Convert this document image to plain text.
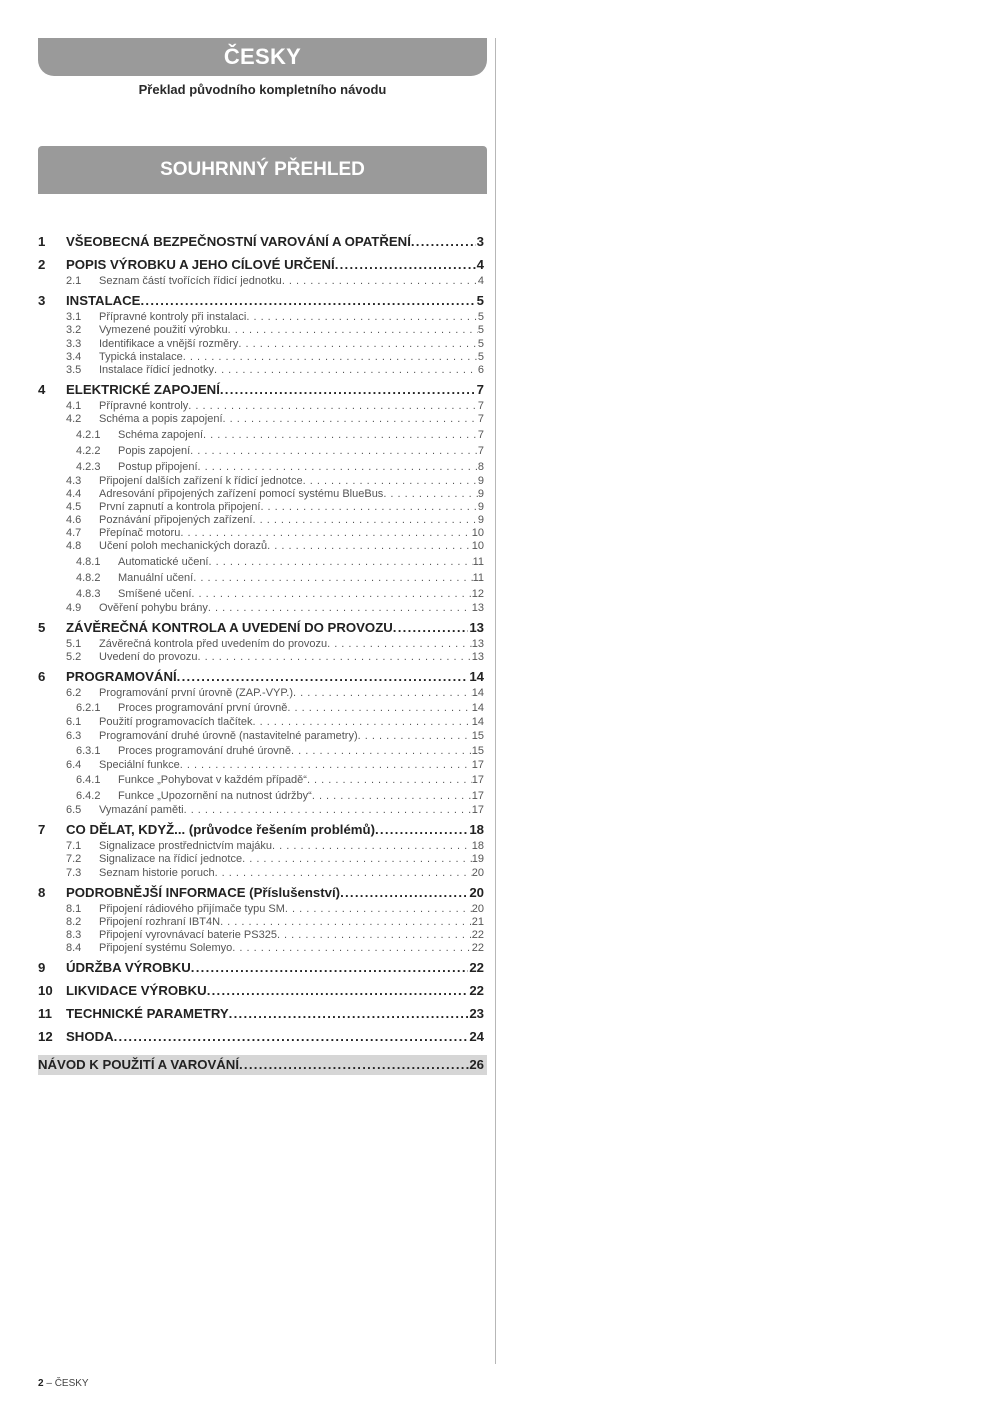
ČESKY
Překlad původního kompletního návodu
SOUHRNNÝ PŘEHLED
1	VŠEOBECNÁ BEZPEČNOSTNÍ VAROVÁNÍ A OPATŘENÍ . . .	3
2	POPIS VÝROBKU A JEHO CÍLOVÉ URČENÍ . . .	4
2.1	Seznam částí tvořících řídicí jednotku . . .	4
3	INSTALACE . . .	5
3.1	Přípravné kontroly při instalaci . . .	5
3.2	Vymezené použití výrobku . . .	5
3.3	Identifikace a vnější rozměry . . .	5
3.4	Typická instalace . . .	5
3.5	Instalace řídicí jednotky . . .	6
4	ELEKTRICKÉ ZAPOJENÍ . . .	7
4.1	Přípravné kontroly . . .	7
4.2	Schéma a popis zapojení . . .	7
4.2.1	Schéma zapojení . . .	7
4.2.2	Popis zapojení . . .	7
4.2.3	Postup připojení . . .	8
4.3	Připojení dalších zařízení k řídicí jednotce . . .	9
4.4	Adresování připojených zařízení pomocí systému BlueBus . . .	9
4.5	První zapnutí a kontrola připojení . . .	9
4.6	Poznávání připojených zařízení . . .	9
4.7	Přepínač motoru . . .	10
4.8	Učení poloh mechanických dorazů . . .	10
4.8.1	Automatické učení . . .	11
4.8.2	Manuální učení . . .	11
4.8.3	Smíšené učení . . .	12
4.9	Ověření pohybu brány . . .	13
5	ZÁVĚREČNÁ KONTROLA A UVEDENÍ DO PROVOZU . . .	13
5.1	Závěrečná kontrola před uvedením do provozu . . .	13
5.2	Uvedení do provozu . . .	13
6	PROGRAMOVÁNÍ . . .	14
6.2	Programování první úrovně (ZAP.-VYP.) . . .	14
6.2.1	Proces programování první úrovně . . .	14
6.1	Použití programovacích tlačítek . . .	14
6.3	Programování druhé úrovně (nastavitelné parametry) . . .	15
6.3.1	Proces programování druhé úrovně . . .	15
6.4	Speciální funkce . . .	17
6.4.1	Funkce „Pohybovat v každém případě“ . . .	17
6.4.2	Funkce „Upozornění na nutnost údržby“ . . .	17
6.5	Vymazání paměti . . .	17
7	CO DĚLAT, KDYŽ... (průvodce řešením problémů) . . .	18
7.1	Signalizace prostřednictvím majáku . . .	18
7.2	Signalizace na řídicí jednotce . . .	19
7.3	Seznam historie poruch . . .	20
8	PODROBNĚJŠÍ INFORMACE (Příslušenství) . . .	20
8.1	Připojení rádiového přijímače typu SM . . .	20
8.2	Připojení rozhraní IBT4N . . .	21
8.3	Připojení vyrovnávací baterie PS325 . . .	22
8.4	Připojení systému Solemyo . . .	22
9	ÚDRŽBA VÝROBKU . . .	22
10	LIKVIDACE VÝROBKU . . .	22
11	TECHNICKÉ PARAMETRY . . .	23
12	SHODA . . .	24
NÁVOD K POUŽITÍ A VAROVÁNÍ . . .	26
2 – ČESKY
